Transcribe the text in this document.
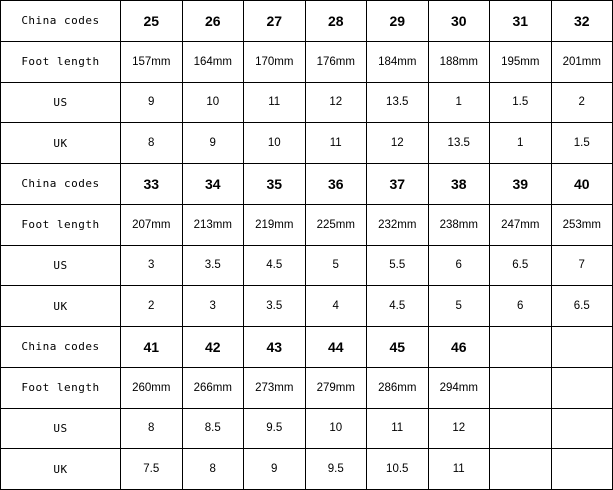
China codes	25	26	27	28	29	30	31	32
Foot length	157mm	164mm	170mm	176mm	184mm	188mm	195mm	201mm
US	9	10	11	12	13.5	1	1.5	2
UK	8	9	10	11	12	13.5	1	1.5
China codes	33	34	35	36	37	38	39	40
Foot length	207mm	213mm	219mm	225mm	232mm	238mm	247mm	253mm
US	3	3.5	4.5	5	5.5	6	6.5	7
UK	2	3	3.5	4	4.5	5	6	6.5
China codes	41	42	43	44	45	46		
Foot length	260mm	266mm	273mm	279mm	286mm	294mm		
US	8	8.5	9.5	10	11	12		
UK	7.5	8	9	9.5	10.5	11		
